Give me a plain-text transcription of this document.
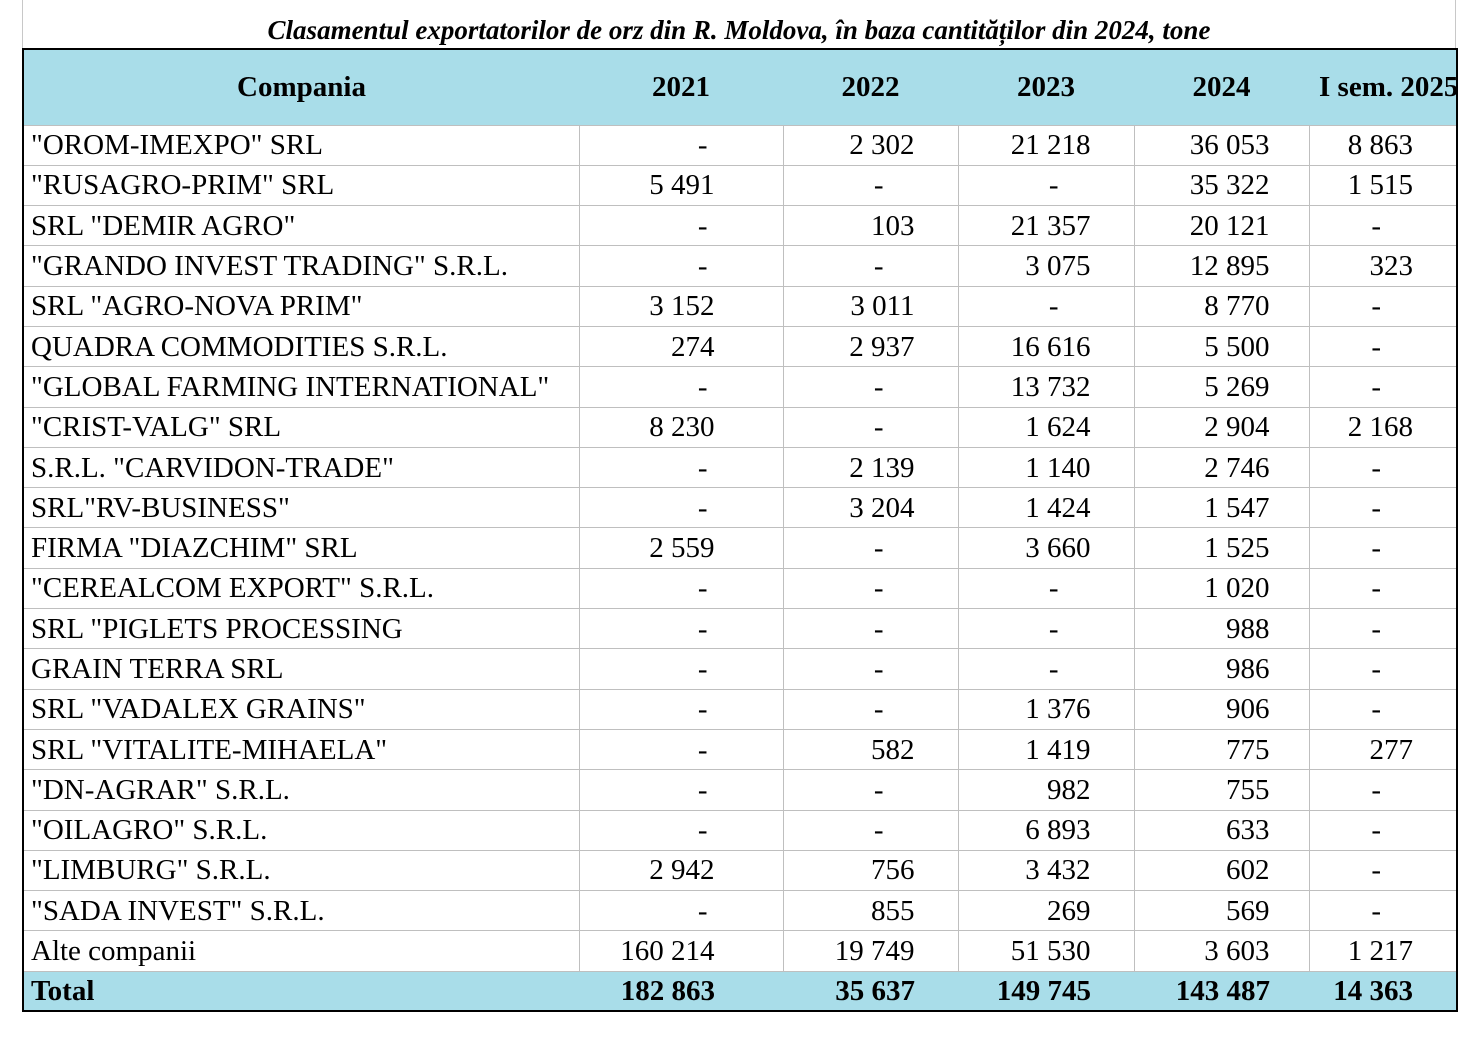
Clasamentul exportatorilor de orz din R. Moldova, în baza cantităților din 2024, tone
Compania	2021	2022	2023	2024	I sem. 2025
"OROM-IMEXPO" SRL	-	2 302	21 218	36 053	8 863
"RUSAGRO-PRIM" SRL	5 491	-	-	35 322	1 515
SRL "DEMIR AGRO"	-	103	21 357	20 121	-
"GRANDO INVEST TRADING" S.R.L.	-	-	3 075	12 895	323
SRL "AGRO-NOVA PRIM"	3 152	3 011	-	8 770	-
QUADRA COMMODITIES S.R.L.	274	2 937	16 616	5 500	-
"GLOBAL FARMING INTERNATIONAL"	-	-	13 732	5 269	-
"CRIST-VALG" SRL	8 230	-	1 624	2 904	2 168
S.R.L. "CARVIDON-TRADE"	-	2 139	1 140	2 746	-
SRL"RV-BUSINESS"	-	3 204	1 424	1 547	-
FIRMA "DIAZCHIM" SRL	2 559	-	3 660	1 525	-
"CEREALCOM EXPORT" S.R.L.	-	-	-	1 020	-
SRL "PIGLETS PROCESSING	-	-	-	988	-
GRAIN TERRA SRL	-	-	-	986	-
SRL "VADALEX GRAINS"	-	-	1 376	906	-
SRL "VITALITE-MIHAELA"	-	582	1 419	775	277
"DN-AGRAR" S.R.L.	-	-	982	755	-
"OILAGRO" S.R.L.	-	-	6 893	633	-
"LIMBURG" S.R.L.	2 942	756	3 432	602	-
"SADA INVEST" S.R.L.	-	855	269	569	-
Alte companii	160 214	19 749	51 530	3 603	1 217
Total	182 863	35 637	149 745	143 487	14 363
